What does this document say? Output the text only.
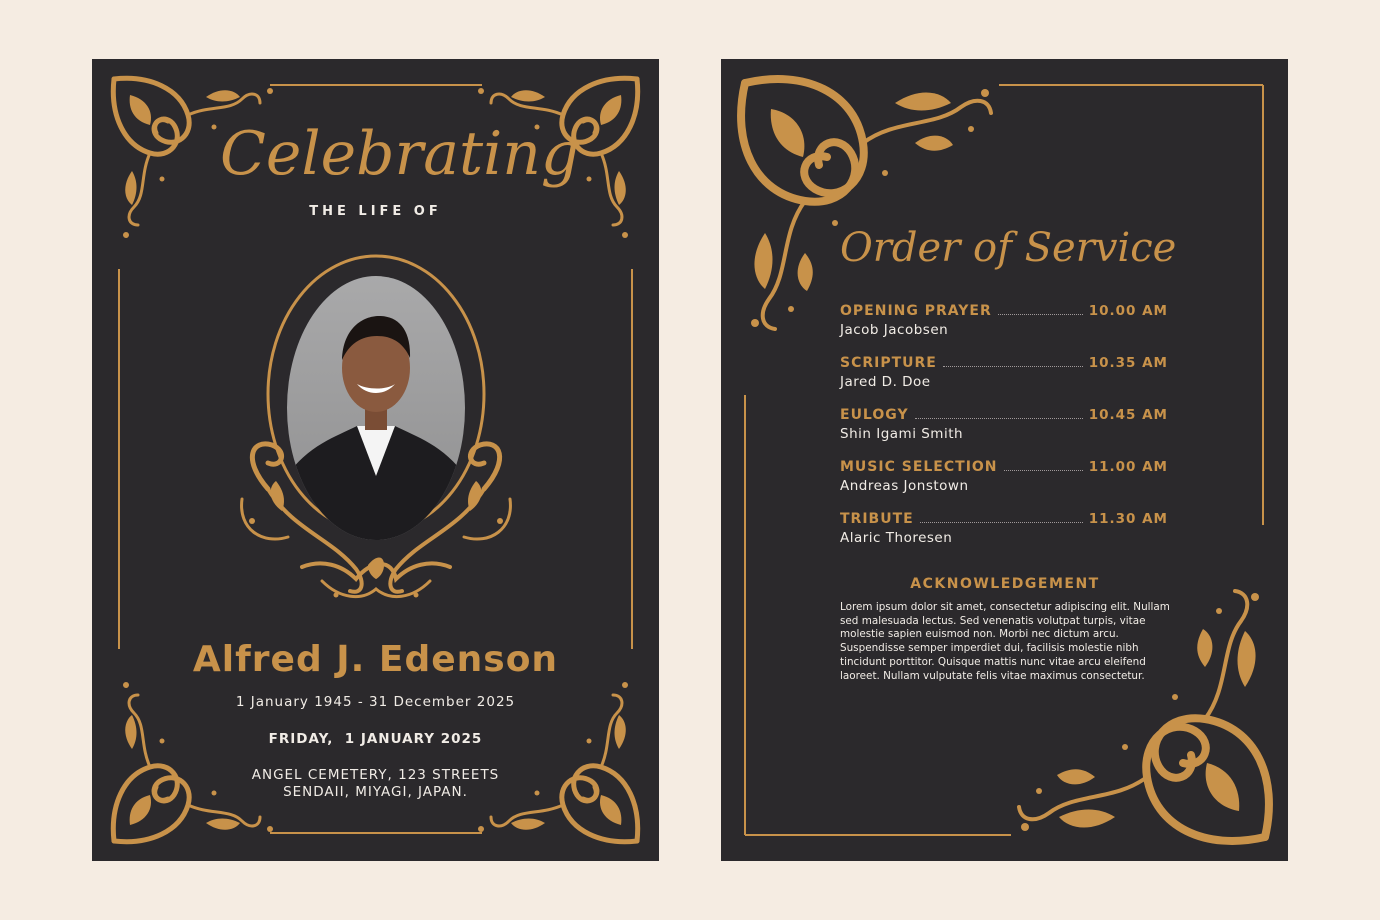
Celebrating
THE LIFE OF
Alfred J. Edenson
1 January 1945 - 31 December 2025
FRIDAY,  1 JANUARY 2025
ANGEL CEMETERY, 123 STREETS
SENDAII, MIYAGI, JAPAN.
Order of Service
OPENING PRAYER	10.00 AM
Jacob Jacobsen
SCRIPTURE	10.35 AM
Jared D. Doe
EULOGY	10.45 AM
Shin Igami Smith
MUSIC SELECTION	11.00 AM
Andreas Jonstown
TRIBUTE	11.30 AM
Alaric Thoresen
ACKNOWLEDGEMENT
Lorem ipsum dolor sit amet, consectetur adipiscing elit. Nullam sed malesuada lectus. Sed venenatis volutpat turpis, vitae molestie sapien euismod non. Morbi nec dictum arcu. Suspendisse semper imperdiet dui, facilisis molestie nibh tincidunt porttitor. Quisque mattis nunc vitae arcu eleifend laoreet. Nullam vulputate felis vitae maximus consectetur.
